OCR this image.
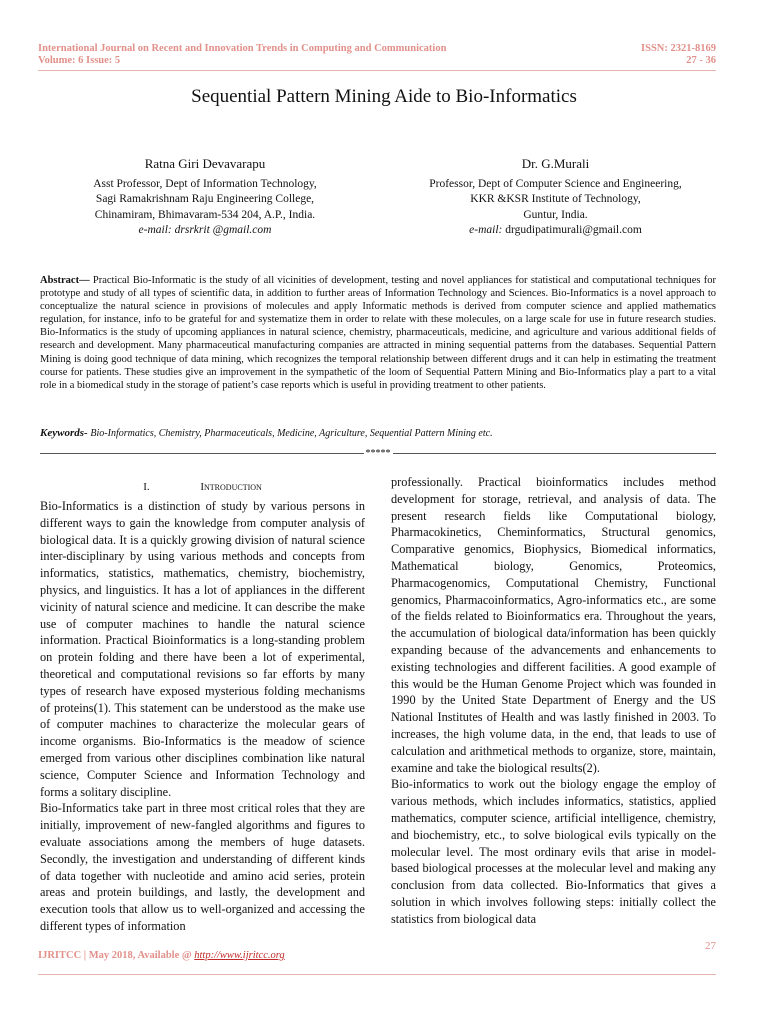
International Journal on Recent and Innovation Trends in Computing and Communication
Volume: 6 Issue: 5
ISSN: 2321-8169
27 - 36
Sequential Pattern Mining Aide to Bio-Informatics
Ratna Giri Devavarapu
Asst Professor, Dept of Information Technology,
Sagi Ramakrishnam Raju Engineering College,
Chinamiram, Bhimavaram-534 204, A.P., India.
e-mail: drsrkrit @gmail.com
Dr. G.Murali
Professor, Dept of Computer Science and Engineering,
KKR &KSR Institute of Technology,
Guntur, India.
e-mail: drgudipatimurali@gmail.com
Abstract— Practical Bio-Informatic is the study of all vicinities of development, testing and novel appliances for statistical and computational techniques for prototype and study of all types of scientific data, in addition to further areas of Information Technology and Sciences. Bio-Informatics is a novel approach to conceptualize the natural science in provisions of molecules and apply Informatic methods is derived from computer science and applied mathematics regulation, for instance, info to be grateful for and systematize them in order to relate with these molecules, on a large scale for use in future research studies. Bio-Informatics is the study of upcoming appliances in natural science, chemistry, pharmaceuticals, medicine, and agriculture and various additional fields of research and development. Many pharmaceutical manufacturing companies are attracted in mining sequential patterns from the databases. Sequential Pattern Mining is doing good technique of data mining, which recognizes the temporal relationship between different drugs and it can help in estimating the treatment course for patients. These studies give an improvement in the sympathetic of the loom of Sequential Pattern Mining and Bio-Informatics play a part to a vital role in a biomedical study in the storage of patient’s case reports which is useful in providing treatment to other patients.
Keywords- Bio-Informatics, Chemistry, Pharmaceuticals, Medicine, Agriculture, Sequential Pattern Mining etc.
*****
I.	Introduction

Bio-Informatics is a distinction of study by various persons in different ways to gain the knowledge from computer analysis of biological data. It is a quickly growing division of natural science inter-disciplinary by using various methods and concepts from informatics, statistics, mathematics, chemistry, biochemistry, physics, and linguistics. It has a lot of appliances in the different vicinity of natural science and medicine. It can describe the make use of computer machines to handle the natural science information. Practical Bioinformatics is a long-standing problem on protein folding and there have been a lot of experimental, theoretical and computational revisions so far efforts by many types of research have exposed mysterious folding mechanisms of proteins(1). This statement can be understood as the make use of computer machines to characterize the molecular gears of income organisms. Bio-Informatics is the meadow of science emerged from various other disciplines combination like natural science, Computer Science and Information Technology and forms a solitary discipline.

Bio-Informatics take part in three most critical roles that they are initially, improvement of new-fangled algorithms and figures to evaluate associations among the members of huge datasets. Secondly, the investigation and understanding of different kinds of data together with nucleotide and amino acid series, protein areas and protein buildings, and lastly, the development and execution tools that allow us to well-organized and accessing the different types of information

professionally. Practical bioinformatics includes method development for storage, retrieval, and analysis of data. The present research fields like Computational biology, Pharmacokinetics, Cheminformatics, Structural genomics, Comparative genomics, Biophysics, Biomedical informatics, Mathematical biology, Genomics, Proteomics, Pharmacogenomics, Computational Chemistry, Functional genomics, Pharmacoinformatics, Agro-informatics etc., are some of the fields related to Bioinformatics era. Throughout the years, the accumulation of biological data/information has been quickly expanding because of the advancements and enhancements to existing technologies and different facilities. A good example of this would be the Human Genome Project which was founded in 1990 by the United State Department of Energy and the US National Institutes of Health and was lastly finished in 2003. To increases, the high volume data, in the end, that leads to use of calculation and arithmetical methods to organize, store, maintain, examine and take the biological results(2).

Bio-informatics to work out the biology engage the employ of various methods, which includes informatics, statistics, applied mathematics, computer science, artificial intelligence, chemistry, and biochemistry, etc., to solve biological evils typically on the molecular level. The most ordinary evils that arise in model-based biological processes at the molecular level and making any conclusion from data collected. Bio-Informatics that gives a solution in which involves following steps: initially collect the statistics from biological data

27
IJRITCC | May 2018, Available @ http://www.ijritcc.org
